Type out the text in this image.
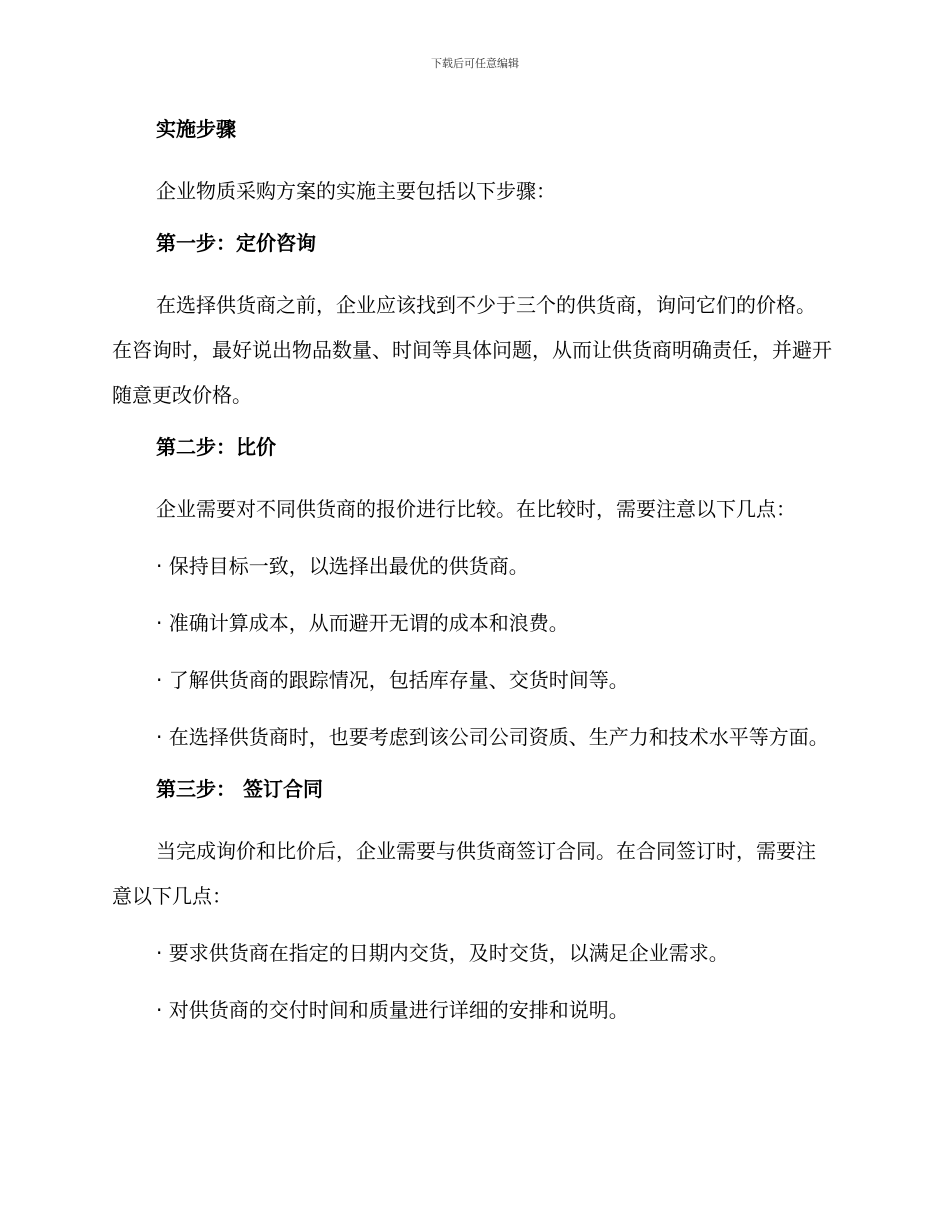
下载后可任意编辑
实施步骤
企业物质采购方案的实施主要包括以下步骤：
第一步：定价咨询
在选择供货商之前，企业应该找到不少于三个的供货商，询问它们的价格。在咨询时，最好说出物品数量、时间等具体问题，从而让供货商明确责任，并避开随意更改价格。
第二步：比价
企业需要对不同供货商的报价进行比较。在比较时，需要注意以下几点：
· 保持目标一致，以选择出最优的供货商。
· 准确计算成本，从而避开无谓的成本和浪费。
· 了解供货商的跟踪情况，包括库存量、交货时间等。
· 在选择供货商时，也要考虑到该公司公司资质、生产力和技术水平等方面。
第三步： 签订合同
当完成询价和比价后，企业需要与供货商签订合同。在合同签订时，需要注意以下几点：
· 要求供货商在指定的日期内交货，及时交货，以满足企业需求。
· 对供货商的交付时间和质量进行详细的安排和说明。
